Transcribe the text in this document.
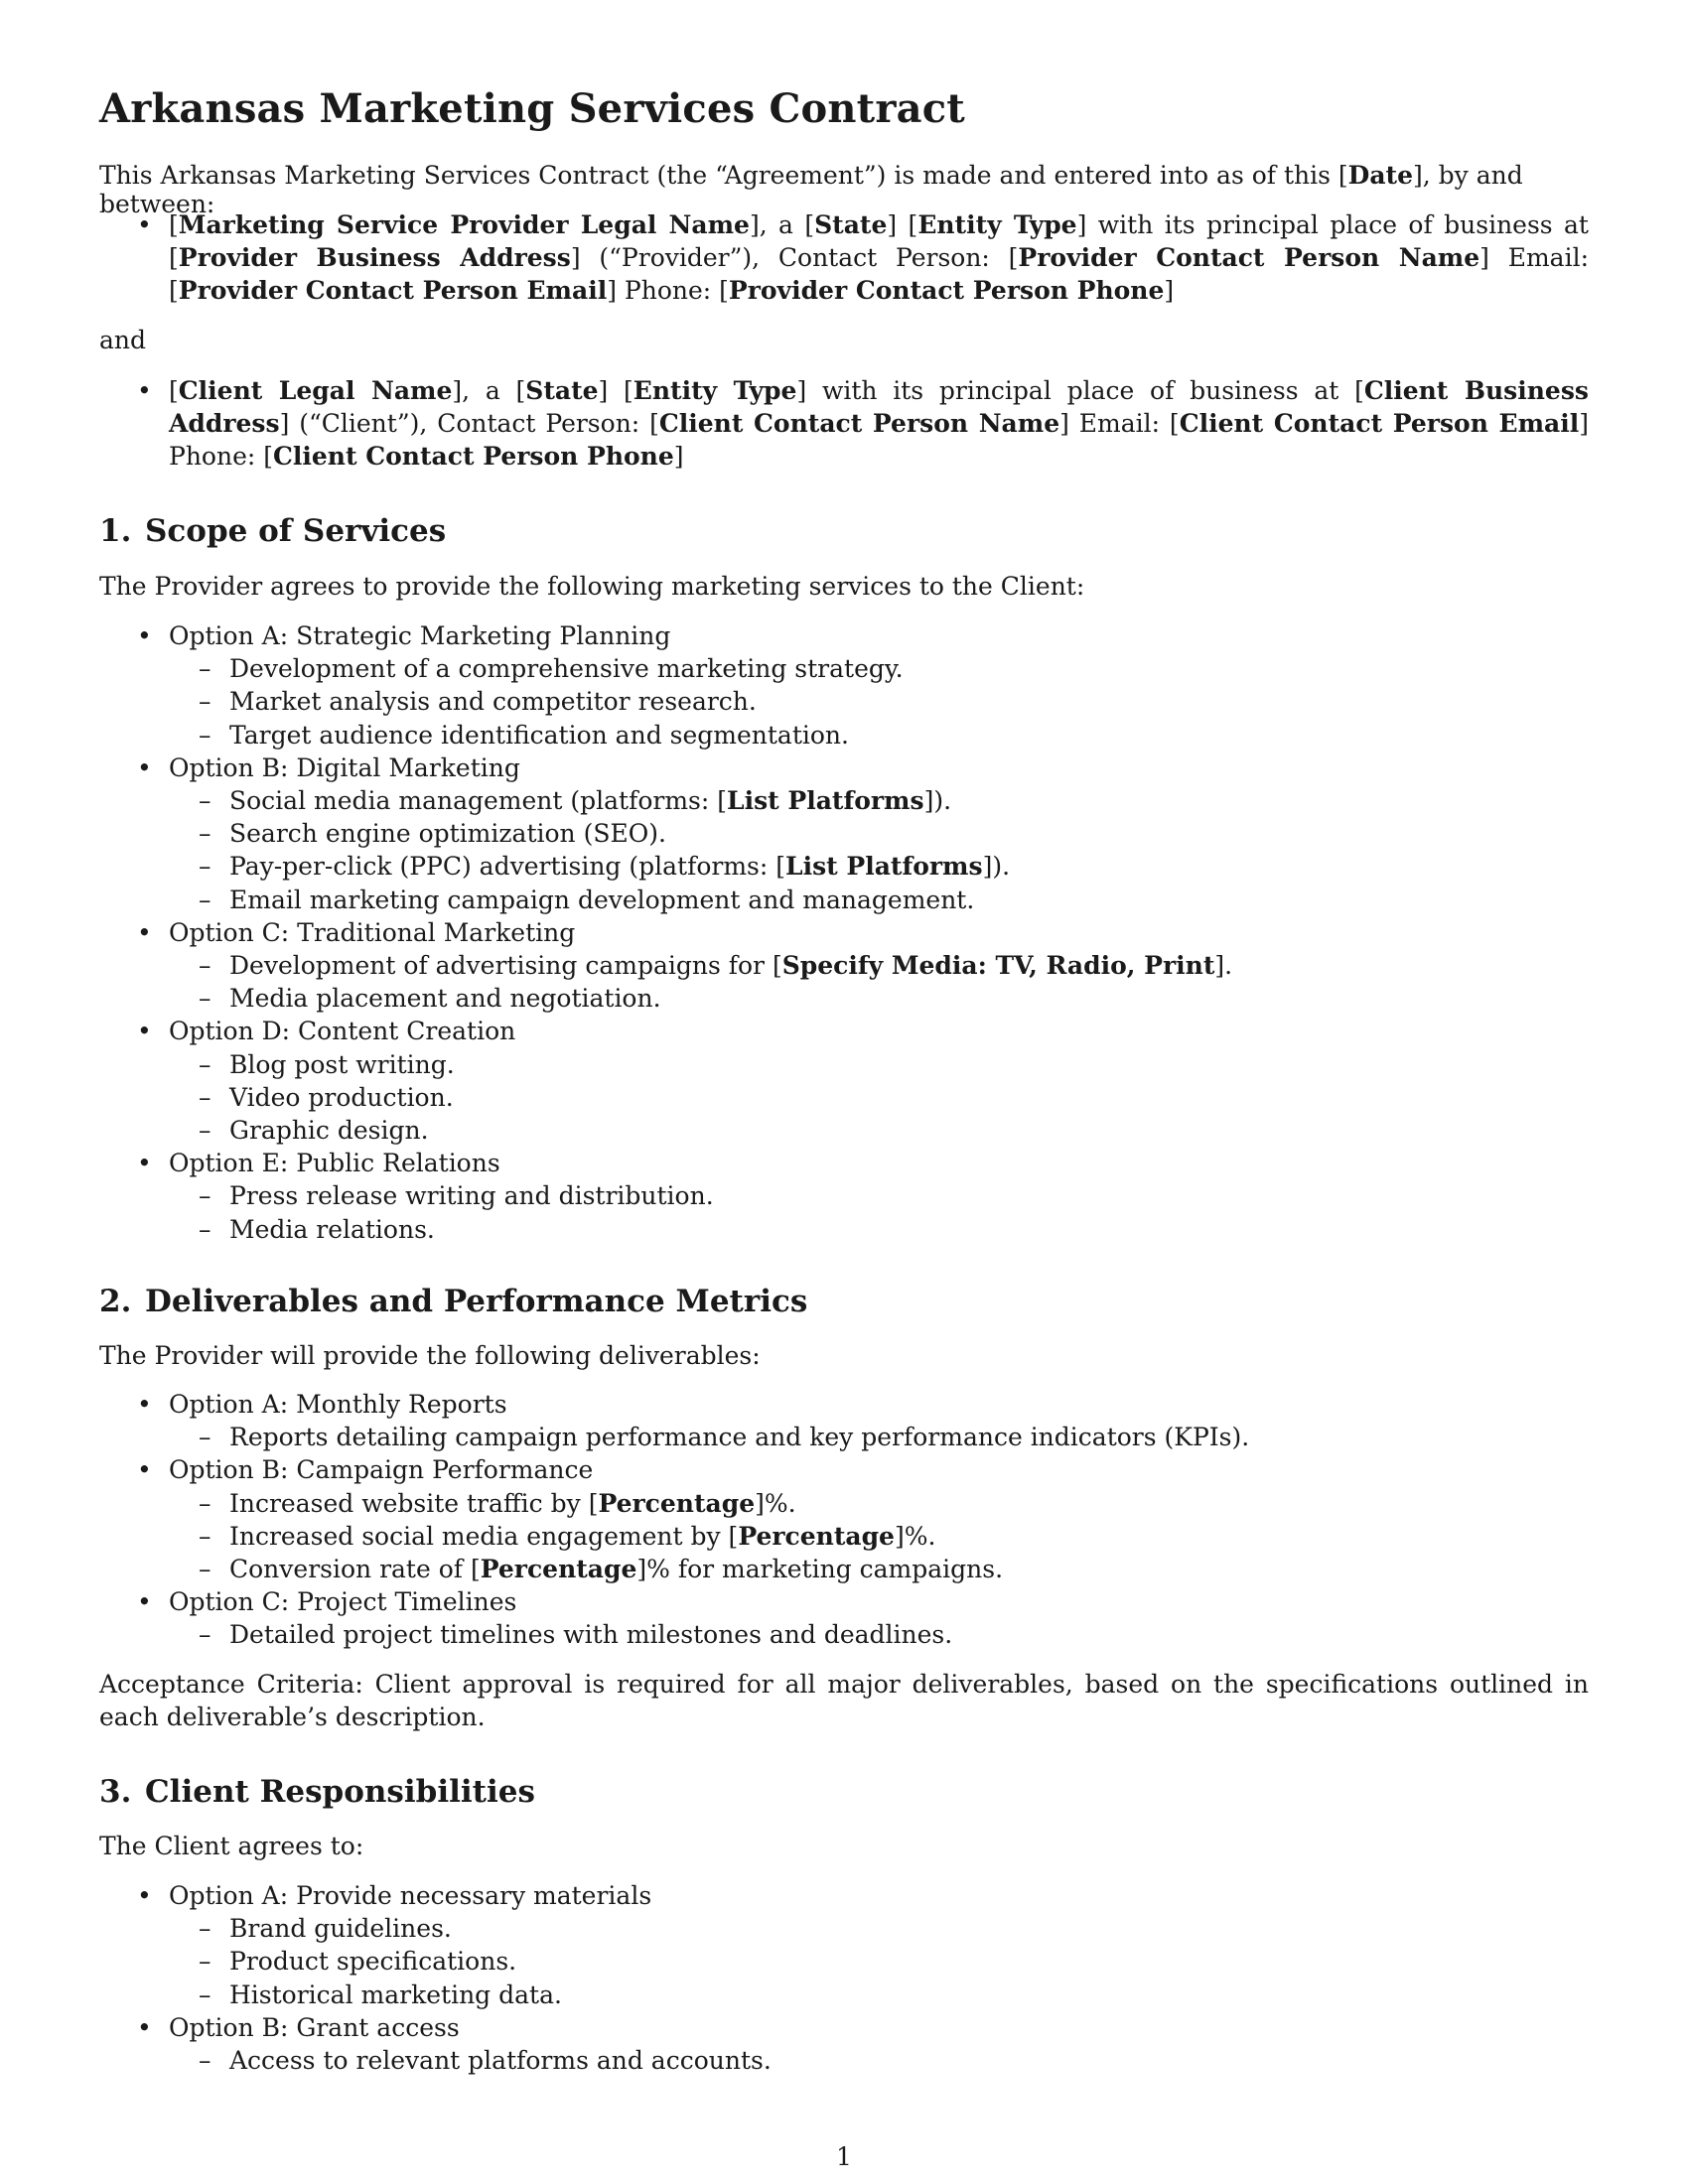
Arkansas Marketing Services Contract

This Arkansas Marketing Services Contract (the “Agreement”) is made and entered into as of this [Date], by and between:

• [Marketing Service Provider Legal Name], a [State] [Entity Type] with its principal place of business at [Provider Business Address] (“Provider”), Contact Person: [Provider Contact Person Name] Email: [Provider Contact Person Email] Phone: [Provider Contact Person Phone]

and

• [Client Legal Name], a [State] [Entity Type] with its principal place of business at [Client Business Address] (“Client”), Contact Person: [Client Contact Person Name] Email: [Client Contact Person Email] Phone: [Client Contact Person Phone]
1. Scope of Services

The Provider agrees to provide the following marketing services to the Client:

• Option A: Strategic Marketing Planning
– Development of a comprehensive marketing strategy.
– Market analysis and competitor research.
– Target audience identification and segmentation.
• Option B: Digital Marketing
– Social media management (platforms: [List Platforms]).
– Search engine optimization (SEO).
– Pay-per-click (PPC) advertising (platforms: [List Platforms]).
– Email marketing campaign development and management.
• Option C: Traditional Marketing
– Development of advertising campaigns for [Specify Media: TV, Radio, Print].
– Media placement and negotiation.
• Option D: Content Creation
– Blog post writing.
– Video production.
– Graphic design.
• Option E: Public Relations
– Press release writing and distribution.
– Media relations.
2. Deliverables and Performance Metrics

The Provider will provide the following deliverables:

• Option A: Monthly Reports
– Reports detailing campaign performance and key performance indicators (KPIs).
• Option B: Campaign Performance
– Increased website traffic by [Percentage]%.
– Increased social media engagement by [Percentage]%.
– Conversion rate of [Percentage]% for marketing campaigns.
• Option C: Project Timelines
– Detailed project timelines with milestones and deadlines.

Acceptance Criteria: Client approval is required for all major deliverables, based on the specifications outlined in each deliverable’s description.

3. Client Responsibilities

The Client agrees to:

• Option A: Provide necessary materials
– Brand guidelines.
– Product specifications.
– Historical marketing data.
• Option B: Grant access
– Access to relevant platforms and accounts.

1
